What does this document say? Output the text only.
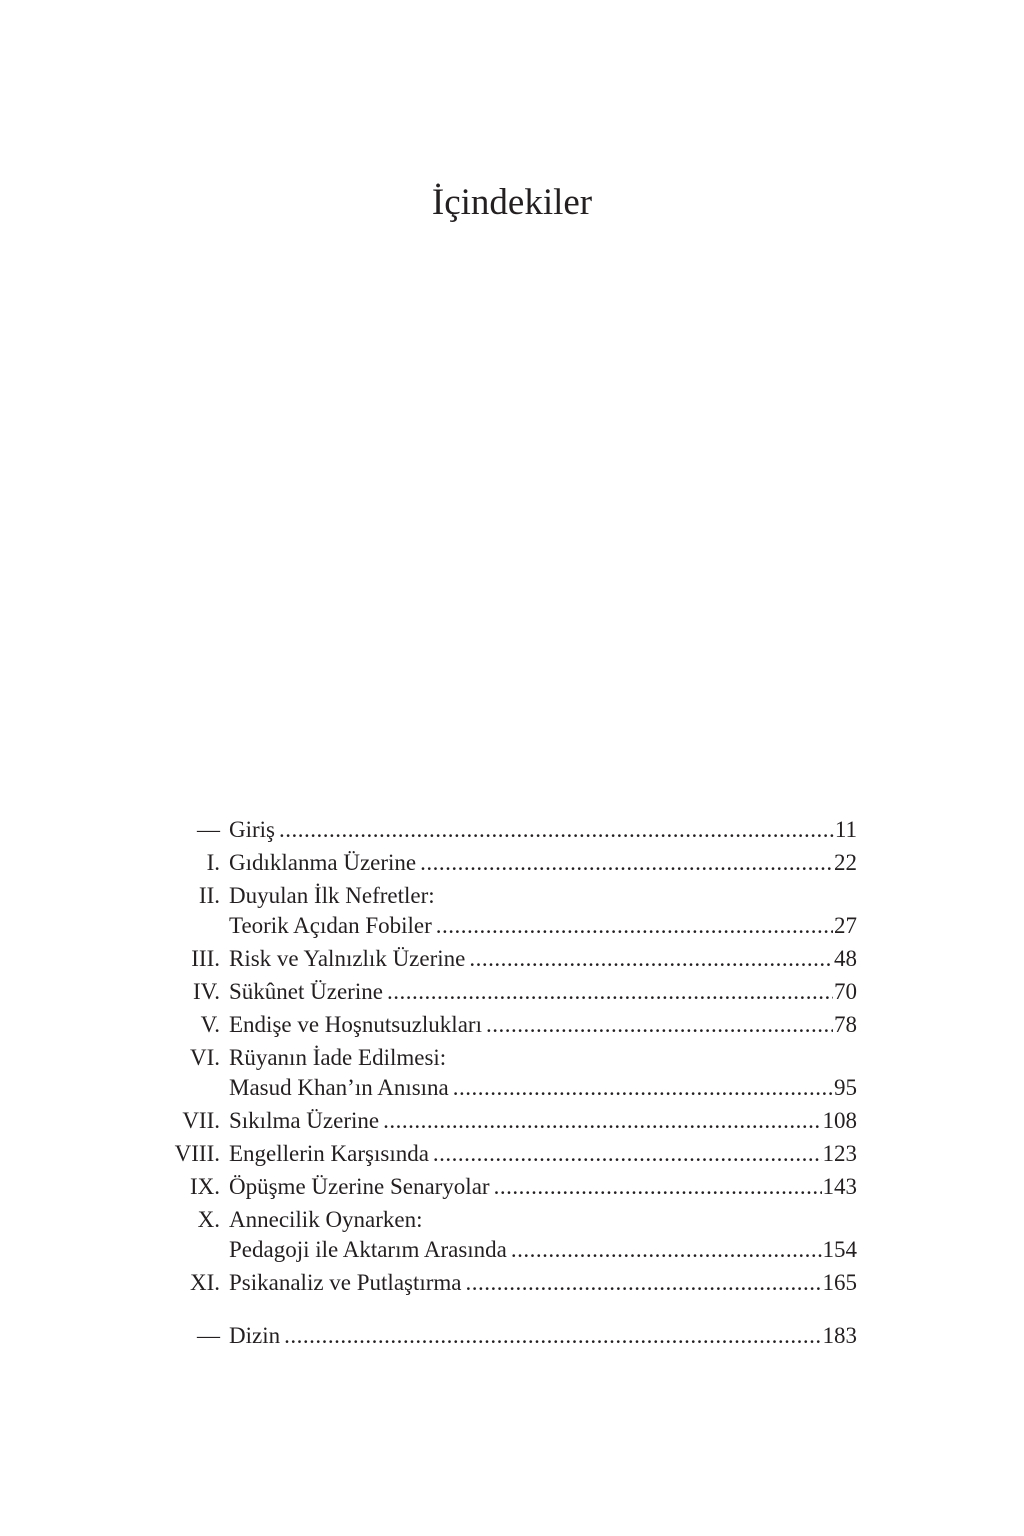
İçindekiler
— Giriş .....	11
I. Gıdıklanma Üzerine .....	22
II. Duyulan İlk Nefretler:
Teorik Açıdan Fobiler .....	27
III. Risk ve Yalnızlık Üzerine .....	48
IV. Sükûnet Üzerine .....	70
V. Endişe ve Hoşnutsuzlukları .....	78
VI. Rüyanın İade Edilmesi:
Masud Khan’ın Anısına .....	95
VII. Sıkılma Üzerine .....	108
VIII. Engellerin Karşısında .....	123
IX. Öpüşme Üzerine Senaryolar .....	143
X. Annecilik Oynarken:
Pedagoji ile Aktarım Arasında .....	154
XI. Psikanaliz ve Putlaştırma .....	165
— Dizin .....	183
